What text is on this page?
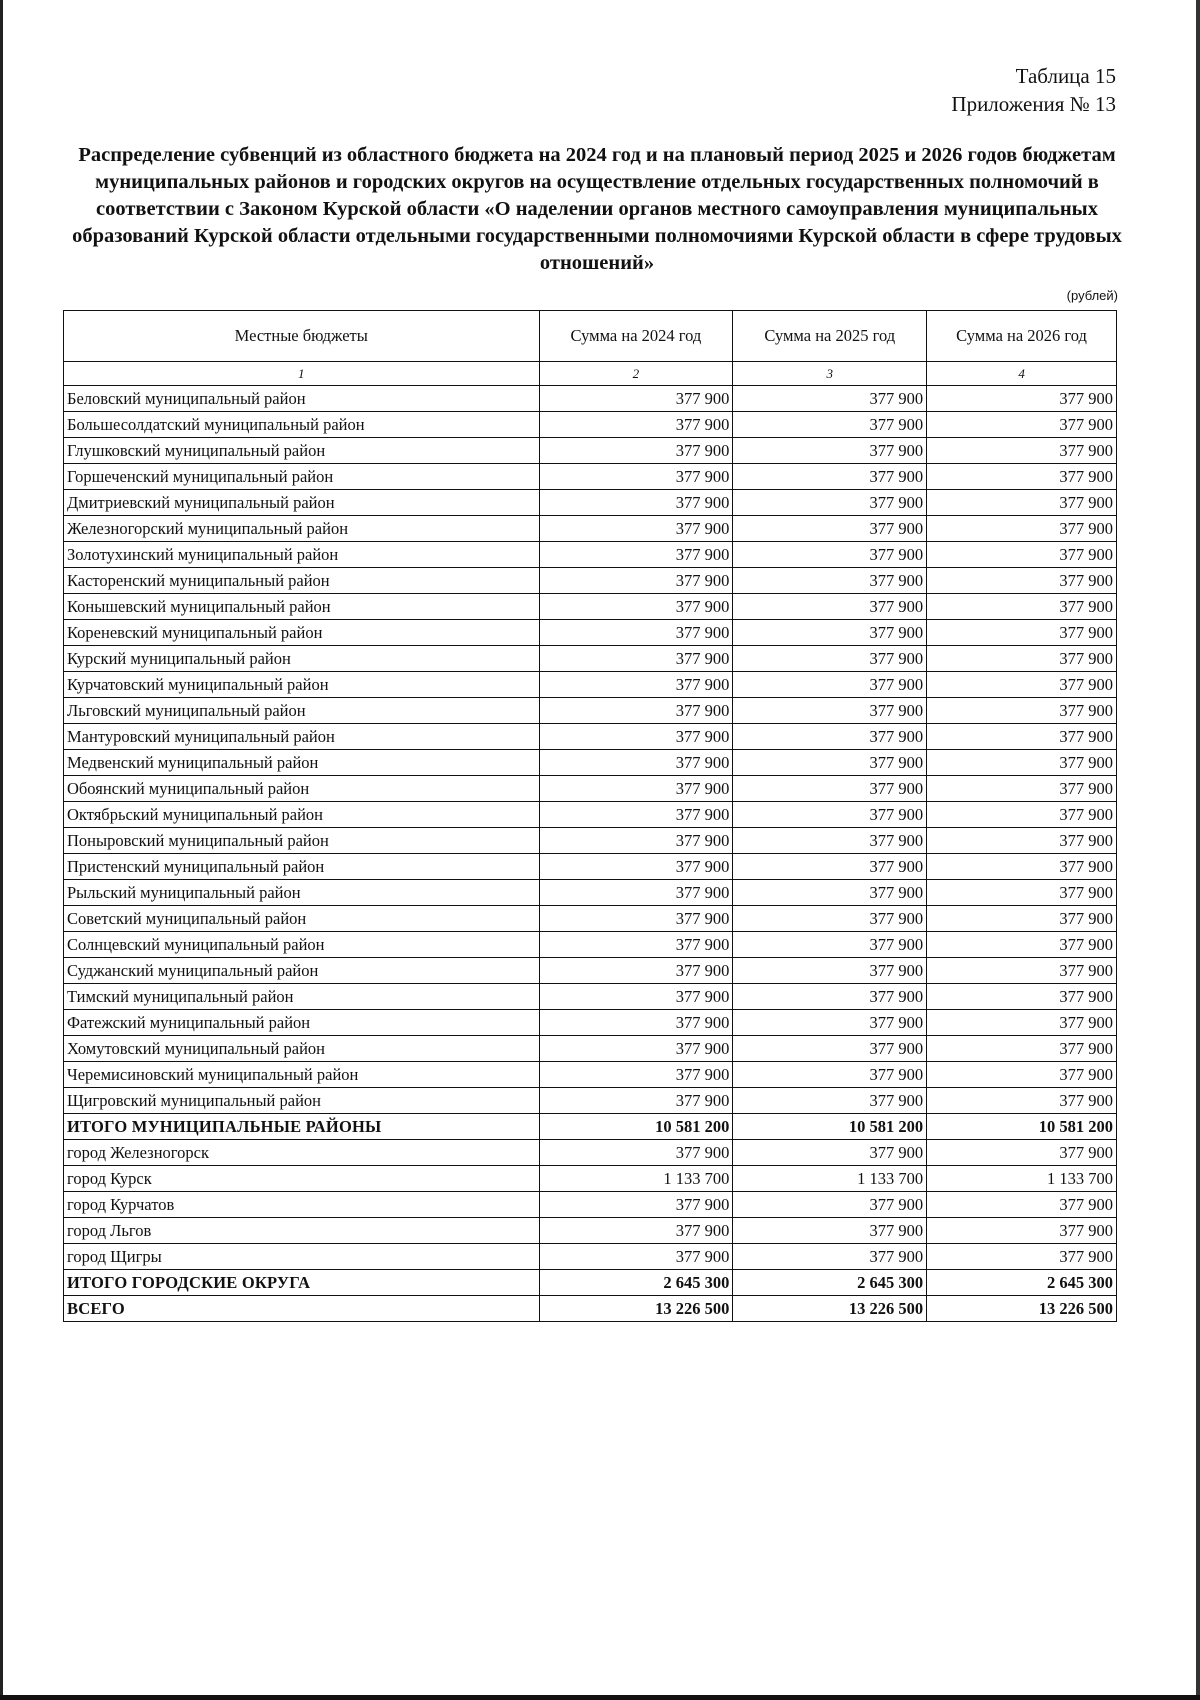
Таблица 15
Приложения № 13
Распределение субвенций из областного бюджета на 2024 год и на плановый период 2025 и 2026 годов бюджетам муниципальных районов и городских округов на осуществление отдельных государственных полномочий в соответствии с Законом Курской области «О наделении органов местного самоуправления муниципальных образований Курской области отдельными государственными полномочиями Курской области в сфере трудовых отношений»
(рублей)
Местные бюджеты	Сумма на 2024 год	Сумма на 2025 год	Сумма на 2026 год
1	2	3	4
Беловский муниципальный район	377 900	377 900	377 900
Большесолдатский муниципальный район	377 900	377 900	377 900
Глушковский муниципальный район	377 900	377 900	377 900
Горшеченский муниципальный район	377 900	377 900	377 900
Дмитриевский муниципальный район	377 900	377 900	377 900
Железногорский муниципальный район	377 900	377 900	377 900
Золотухинский муниципальный район	377 900	377 900	377 900
Касторенский муниципальный район	377 900	377 900	377 900
Конышевский муниципальный район	377 900	377 900	377 900
Кореневский муниципальный район	377 900	377 900	377 900
Курский муниципальный район	377 900	377 900	377 900
Курчатовский муниципальный район	377 900	377 900	377 900
Льговский муниципальный район	377 900	377 900	377 900
Мантуровский муниципальный район	377 900	377 900	377 900
Медвенский муниципальный район	377 900	377 900	377 900
Обоянский муниципальный район	377 900	377 900	377 900
Октябрьский муниципальный район	377 900	377 900	377 900
Поныровский муниципальный район	377 900	377 900	377 900
Пристенский муниципальный район	377 900	377 900	377 900
Рыльский муниципальный район	377 900	377 900	377 900
Советский муниципальный район	377 900	377 900	377 900
Солнцевский муниципальный район	377 900	377 900	377 900
Суджанский муниципальный район	377 900	377 900	377 900
Тимский муниципальный район	377 900	377 900	377 900
Фатежский муниципальный район	377 900	377 900	377 900
Хомутовский муниципальный район	377 900	377 900	377 900
Черемисиновский муниципальный район	377 900	377 900	377 900
Щигровский муниципальный район	377 900	377 900	377 900
ИТОГО МУНИЦИПАЛЬНЫЕ РАЙОНЫ	10 581 200	10 581 200	10 581 200
город Железногорск	377 900	377 900	377 900
город Курск	1 133 700	1 133 700	1 133 700
город Курчатов	377 900	377 900	377 900
город Льгов	377 900	377 900	377 900
город Щигры	377 900	377 900	377 900
ИТОГО ГОРОДСКИЕ ОКРУГА	2 645 300	2 645 300	2 645 300
ВСЕГО	13 226 500	13 226 500	13 226 500
